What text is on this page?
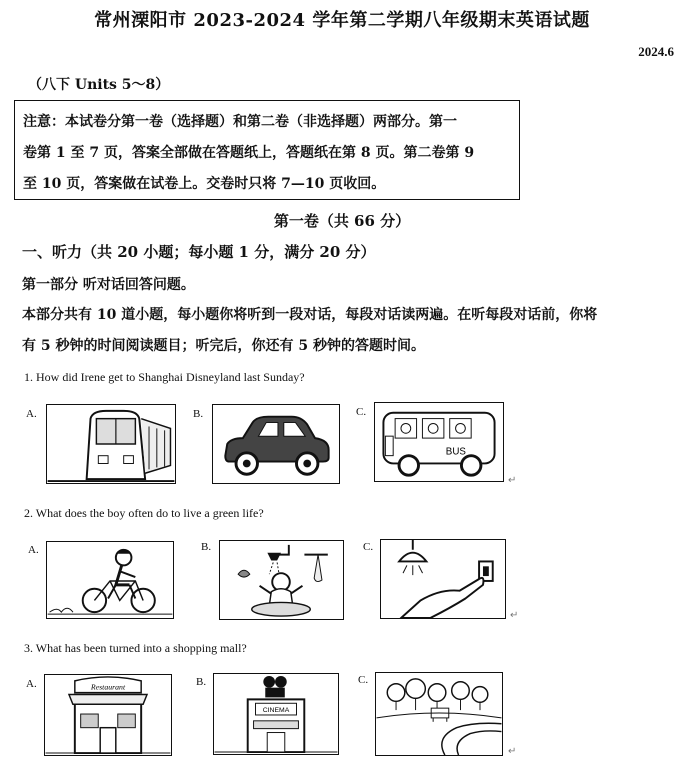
常州溧阳市 2023-2024 学年第二学期八年级期末英语试题
2024.6
（八下 Units 5～8）
注意：本试卷分第一卷（选择题）和第二卷（非选择题）两部分。第一
卷第 1 至 7 页，答案全部做在答题纸上，答题纸在第 8 页。第二卷第 9
至 10 页，答案做在试卷上。交卷时只将 7—10 页收回。
第一卷（共 66 分）
一、听力（共 20 小题；每小题 1 分，满分 20 分）
第一部分 听对话回答问题。
本部分共有 10 道小题，每小题你将听到一段对话，每段对话读两遍。在听每段对话前，你将
有 5 秒钟的时间阅读题目；听完后，你还有 5 秒钟的答题时间。
1. How did Irene get to Shanghai Disneyland last Sunday?
A.	B.	C.
BUS
↵
2. What does the boy often do to live a green life?
A.	B.	C.
↵
3. What has been turned into a shopping mall?
A.	Restaurant	B.
CINEMA
C.
↵
